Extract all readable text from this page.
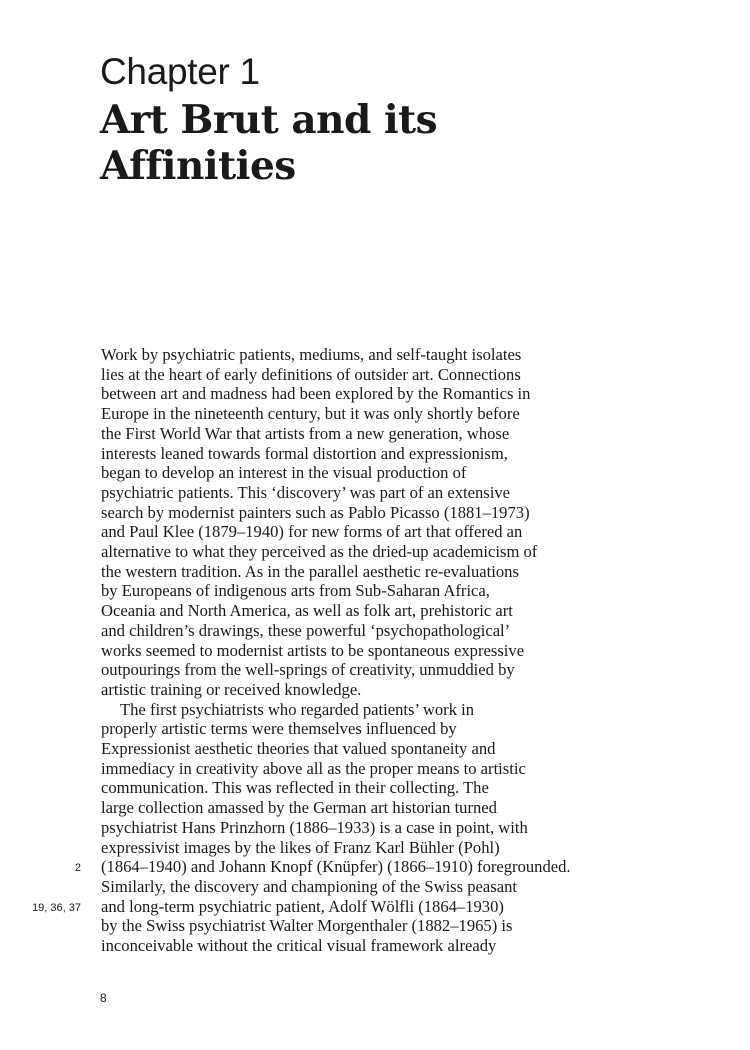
Chapter 1
Art Brut and its
Affinities
Work by psychiatric patients, mediums, and self-taught isolates
lies at the heart of early definitions of outsider art. Connections
between art and madness had been explored by the Romantics in
Europe in the nineteenth century, but it was only shortly before
the First World War that artists from a new generation, whose
interests leaned towards formal distortion and expressionism,
began to develop an interest in the visual production of
psychiatric patients. This ‘discovery’ was part of an extensive
search by modernist painters such as Pablo Picasso (1881–1973)
and Paul Klee (1879–1940) for new forms of art that offered an
alternative to what they perceived as the dried-up academicism of
the western tradition. As in the parallel aesthetic re-evaluations
by Europeans of indigenous arts from Sub-Saharan Africa,
Oceania and North America, as well as folk art, prehistoric art
and children’s drawings, these powerful ‘psychopathological’
works seemed to modernist artists to be spontaneous expressive
outpourings from the well-springs of creativity, unmuddied by
artistic training or received knowledge.
The first psychiatrists who regarded patients’ work in
properly artistic terms were themselves influenced by
Expressionist aesthetic theories that valued spontaneity and
immediacy in creativity above all as the proper means to artistic
communication. This was reflected in their collecting. The
large collection amassed by the German art historian turned
psychiatrist Hans Prinzhorn (1886–1933) is a case in point, with
expressivist images by the likes of Franz Karl Bühler (Pohl)
(1864–1940) and Johann Knopf (Knüpfer) (1866–1910) foregrounded.
Similarly, the discovery and championing of the Swiss peasant
and long-term psychiatric patient, Adolf Wölfli (1864–1930)
by the Swiss psychiatrist Walter Morgenthaler (1882–1965) is
inconceivable without the critical visual framework already
2
19, 36, 37
8
